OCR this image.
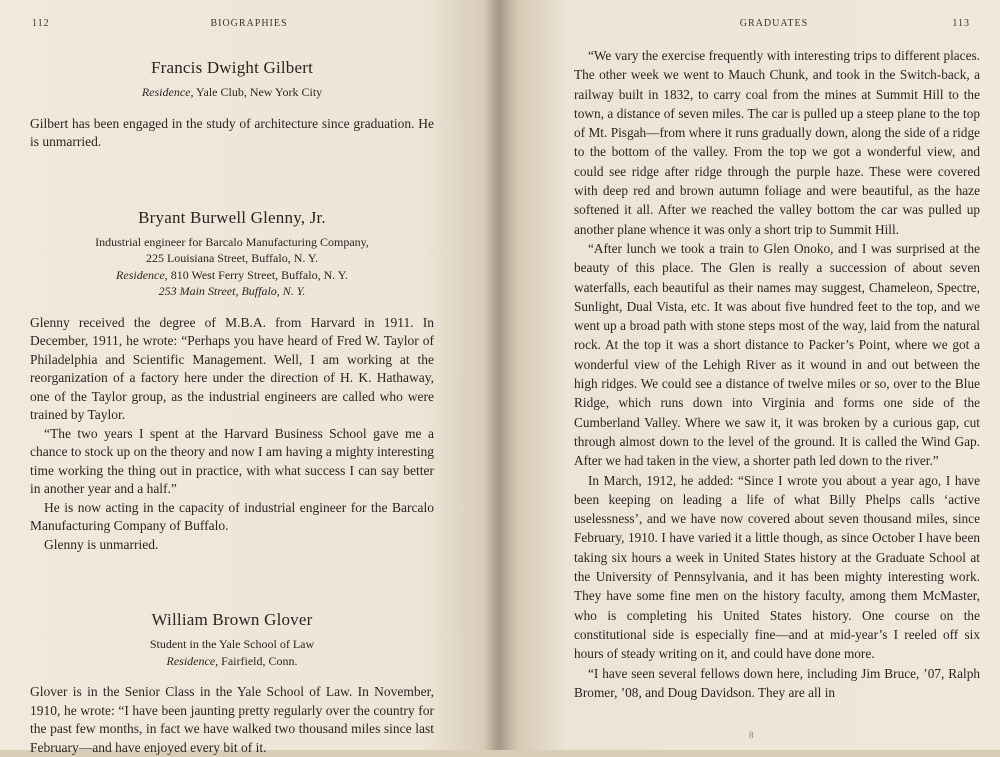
112	BIOGRAPHIES
Francis Dwight Gilbert
Residence, Yale Club, New York City

Gilbert has been engaged in the study of architecture since graduation. He is unmarried.

Bryant Burwell Glenny, Jr.
Industrial engineer for Barcalo Manufacturing Company,
225 Louisiana Street, Buffalo, N. Y.
Residence, 810 West Ferry Street, Buffalo, N. Y.
253 Main Street, Buffalo, N. Y.

Glenny received the degree of M.B.A. from Harvard in 1911. In December, 1911, he wrote: “Perhaps you have heard of Fred W. Taylor of Philadelphia and Scientific Management. Well, I am working at the reorganization of a factory here under the direction of H. K. Hathaway, one of the Taylor group, as the industrial engineers are called who were trained by Taylor.

“The two years I spent at the Harvard Business School gave me a chance to stock up on the theory and now I am having a mighty interesting time working the thing out in practice, with what success I can say better in another year and a half.”

He is now acting in the capacity of industrial engineer for the Barcalo Manufacturing Company of Buffalo.

Glenny is unmarried.

William Brown Glover
Student in the Yale School of Law
Residence, Fairfield, Conn.

Glover is in the Senior Class in the Yale School of Law. In November, 1910, he wrote: “I have been jaunting pretty regularly over the country for the past few months, in fact we have walked two thousand miles since last February—and have enjoyed every bit of it.

GRADUATES	113

“We vary the exercise frequently with interesting trips to different places. The other week we went to Mauch Chunk, and took in the Switch-back, a railway built in 1832, to carry coal from the mines at Summit Hill to the town, a distance of seven miles. The car is pulled up a steep plane to the top of Mt. Pisgah—from where it runs gradually down, along the side of a ridge to the bottom of the valley. From the top we got a wonderful view, and could see ridge after ridge through the purple haze. These were covered with deep red and brown autumn foliage and were beautiful, as the haze softened it all. After we reached the valley bottom the car was pulled up another plane whence it was only a short trip to Summit Hill.

“After lunch we took a train to Glen Onoko, and I was surprised at the beauty of this place. The Glen is really a succession of about seven waterfalls, each beautiful as their names may suggest, Chameleon, Spectre, Sunlight, Dual Vista, etc. It was about five hundred feet to the top, and we went up a broad path with stone steps most of the way, laid from the natural rock. At the top it was a short distance to Packer’s Point, where we got a wonderful view of the Lehigh River as it wound in and out between the high ridges. We could see a distance of twelve miles or so, over to the Blue Ridge, which runs down into Virginia and forms one side of the Cumberland Valley. Where we saw it, it was broken by a curious gap, cut through almost down to the level of the ground. It is called the Wind Gap. After we had taken in the view, a shorter path led down to the river.”

In March, 1912, he added: “Since I wrote you about a year ago, I have been keeping on leading a life of what Billy Phelps calls ‘active uselessness’, and we have now covered about seven thousand miles, since February, 1910. I have varied it a little though, as since October I have been taking six hours a week in United States history at the Graduate School at the University of Pennsylvania, and it has been mighty interesting work. They have some fine men on the history faculty, among them McMaster, who is completing his United States history. One course on the constitutional side is especially fine—and at mid-year’s I reeled off six hours of steady writing on it, and could have done more.

“I have seen several fellows down here, including Jim Bruce, ’07, Ralph Bromer, ’08, and Doug Davidson. They are all in

8
